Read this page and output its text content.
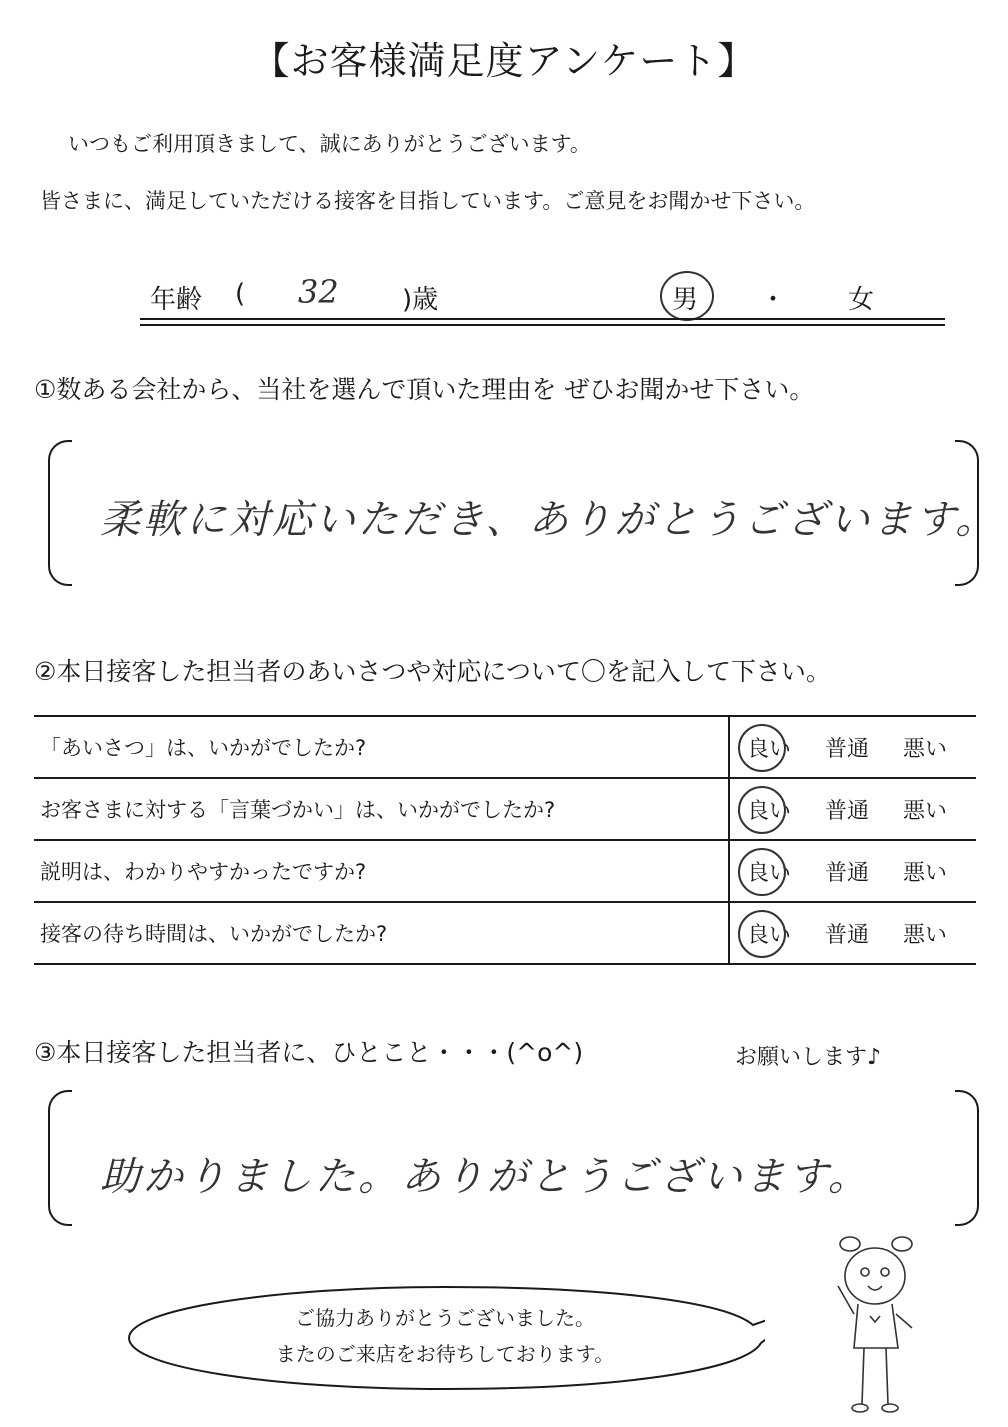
【お客様満足度アンケート】
いつもご利用頂きまして、誠にありがとうございます。
皆さまに、満足していただける接客を目指しています。ご意見をお聞かせ下さい。
年齢 ( 32 )歳	男 ・ 女
①数ある会社から、当社を選んで頂いた理由を ぜひお聞かせ下さい。
柔軟に対応いただき、ありがとうございます。
②本日接客した担当者のあいさつや対応について〇を記入して下さい。
「あいさつ」は、いかがでしたか?	良い 普通 悪い
お客さまに対する「言葉づかい」は、いかがでしたか?	良い 普通 悪い
説明は、わかりやすかったですか?	良い 普通 悪い
接客の待ち時間は、いかがでしたか?	良い 普通 悪い
③本日接客した担当者に、ひとこと・・・(^o^)	お願いします♪
助かりました。ありがとうございます。
ご協力ありがとうございました。
またのご来店をお待ちしております。
